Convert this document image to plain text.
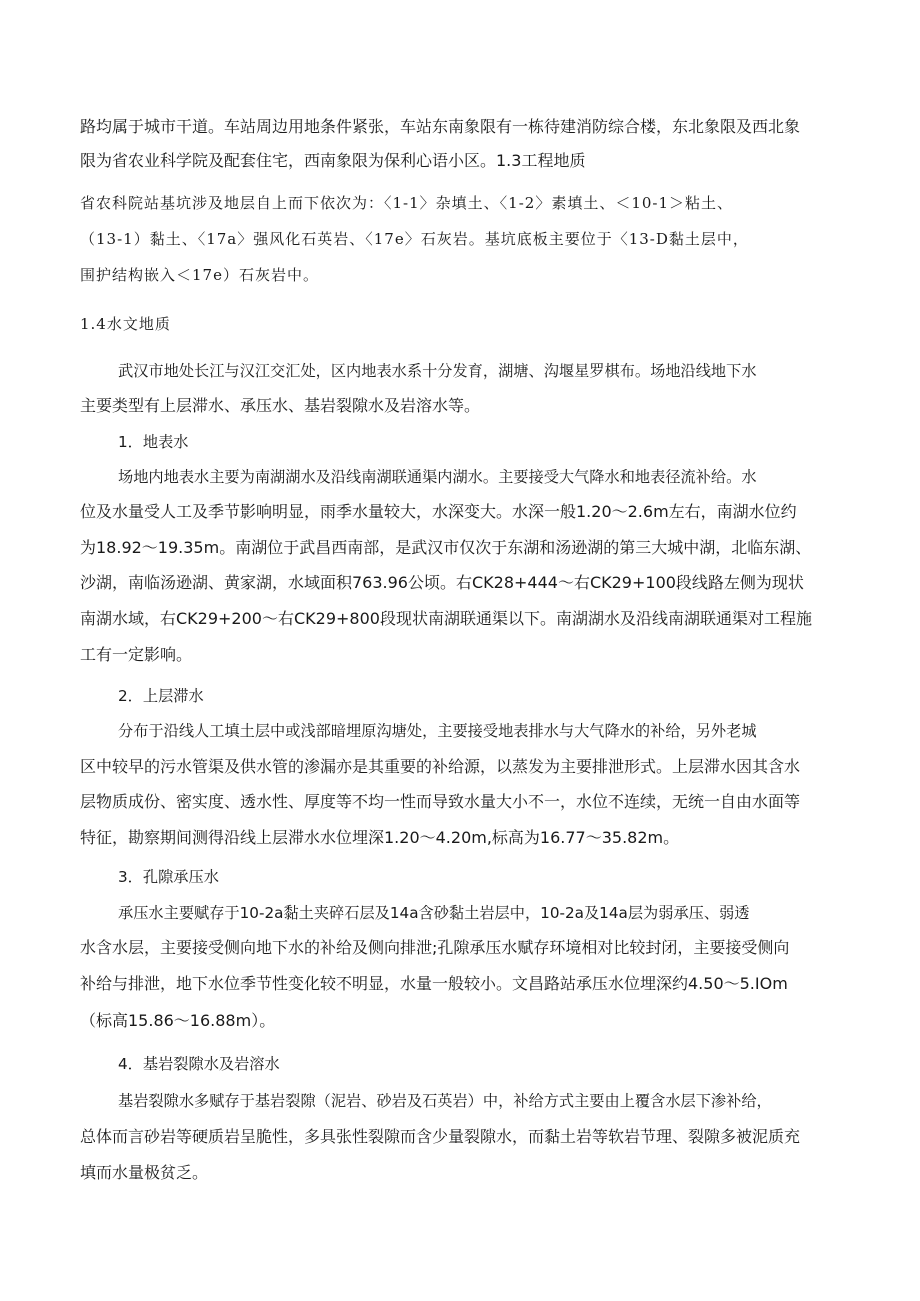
路均属于城市干道。车站周边用地条件紧张，车站东南象限有一栋待建消防综合楼，东北象限及西北象
限为省农业科学院及配套住宅，西南象限为保利心语小区。1.3工程地质
省农科院站基坑涉及地层自上而下依次为：〈1-1〉杂填土、〈1-2〉素填土、＜10-1＞粘土、
（13-1）黏土、〈17a〉强风化石英岩、〈17e〉石灰岩。基坑底板主要位于〈13-D黏土层中，
围护结构嵌入＜17e）石灰岩中。
1.4水文地质
武汉市地处长江与汉江交汇处，区内地表水系十分发育，湖塘、沟堰星罗棋布。场地沿线地下水
主要类型有上层滞水、承压水、基岩裂隙水及岩溶水等。
1．地表水
场地内地表水主要为南湖湖水及沿线南湖联通渠内湖水。主要接受大气降水和地表径流补给。水
位及水量受人工及季节影响明显，雨季水量较大，水深变大。水深一般1.20～2.6m左右，南湖水位约
为18.92～19.35m。南湖位于武昌西南部，是武汉市仅次于东湖和汤逊湖的第三大城中湖，北临东湖、
沙湖，南临汤逊湖、黄家湖，水域面积763.96公顷。右CK28+444～右CK29+100段线路左侧为现状
南湖水域，右CK29+200〜右CK29+800段现状南湖联通渠以下。南湖湖水及沿线南湖联通渠对工程施
工有一定影响。
2．上层滞水
分布于沿线人工填土层中或浅部暗埋原沟塘处，主要接受地表排水与大气降水的补给，另外老城
区中较早的污水管渠及供水管的渗漏亦是其重要的补给源，以蒸发为主要排泄形式。上层滞水因其含水
层物质成份、密实度、透水性、厚度等不均一性而导致水量大小不一，水位不连续，无统一自由水面等
特征，勘察期间测得沿线上层滞水水位埋深1.20～4.20m,标高为16.77～35.82m。
3．孔隙承压水
承压水主要赋存于10-2a黏土夹碎石层及14a含砂黏土岩层中，10-2a及14a层为弱承压、弱透
水含水层，主要接受侧向地下水的补给及侧向排泄;孔隙承压水赋存环境相对比较封闭，主要接受侧向
补给与排泄，地下水位季节性变化较不明显，水量一般较小。文昌路站承压水位埋深约4.50～5.IOm
（标高15.86～16.88m）。
4．基岩裂隙水及岩溶水
基岩裂隙水多赋存于基岩裂隙（泥岩、砂岩及石英岩）中，补给方式主要由上覆含水层下渗补给，
总体而言砂岩等硬质岩呈脆性，多具张性裂隙而含少量裂隙水，而黏土岩等软岩节理、裂隙多被泥质充
填而水量极贫乏。
